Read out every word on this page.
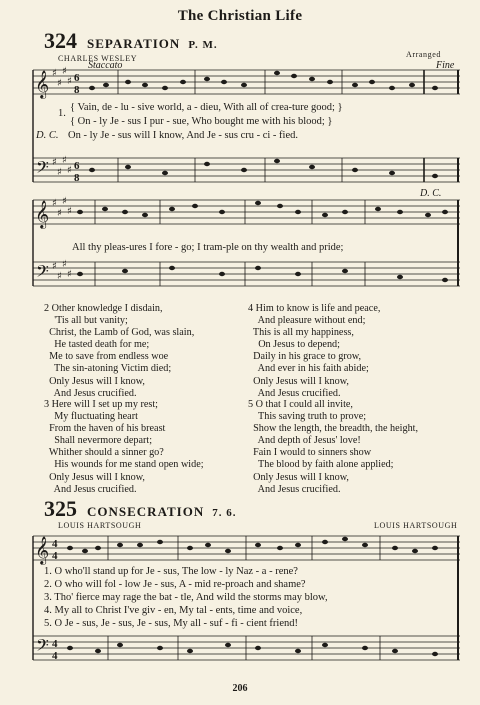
The Christian Life
324 SEPARATION P. M.
CHARLES WESLEY	Arranged
Staccato	Fine
𝄞
𝄢
𝄞
𝄢
𝄞
𝄢
♯
♯
♯
♯
♯
♯
♯
♯
♯
♯
♯
♯
♯
♯
♯
♯
6
8
6
8
4
4
4
4
1.
{ Vain, de - lu - sive world, a - dieu, With all of crea-ture good; }
{ On - ly Je - sus I pur - sue, Who bought me with his blood; }
D. C. On - ly Je - sus will I know, And Je - sus cru - ci - fied.
D. C.
All thy pleas-ures I fore - go; I tram-ple on thy wealth and pride;
2 Other knowledge I disdain,
'Tis all but vanity;
Christ, the Lamb of God, was slain,
He tasted death for me;
Me to save from endless woe
The sin-atoning Victim died;
Only Jesus will I know,
And Jesus crucified.
3 Here will I set up my rest;
My fluctuating heart
From the haven of his breast
Shall nevermore depart;
Whither should a sinner go?
His wounds for me stand open wide;
Only Jesus will I know,
And Jesus crucified.
4 Him to know is life and peace,
And pleasure without end;
This is all my happiness,
On Jesus to depend;
Daily in his grace to grow,
And ever in his faith abide;
Only Jesus will I know,
And Jesus crucified.
5 O that I could all invite,
This saving truth to prove;
Show the length, the breadth, the height,
And depth of Jesus' love!
Fain I would to sinners show
The blood by faith alone applied;
Only Jesus will I know,
And Jesus crucified.
325 CONSECRATION 7. 6.
LOUIS HARTSOUGH	LOUIS HARTSOUGH
1. O who'll stand up for Je - sus, The low - ly Naz - a - rene?
2. O who will fol - low Je - sus, A - mid re-proach and shame?
3. Tho' fierce may rage the bat - tle, And wild the storms may blow,
4. My all to Christ I've giv - en, My tal - ents, time and voice,
5. O Je - sus, Je - sus, Je - sus, My all - suf - fi - cient friend!
206
